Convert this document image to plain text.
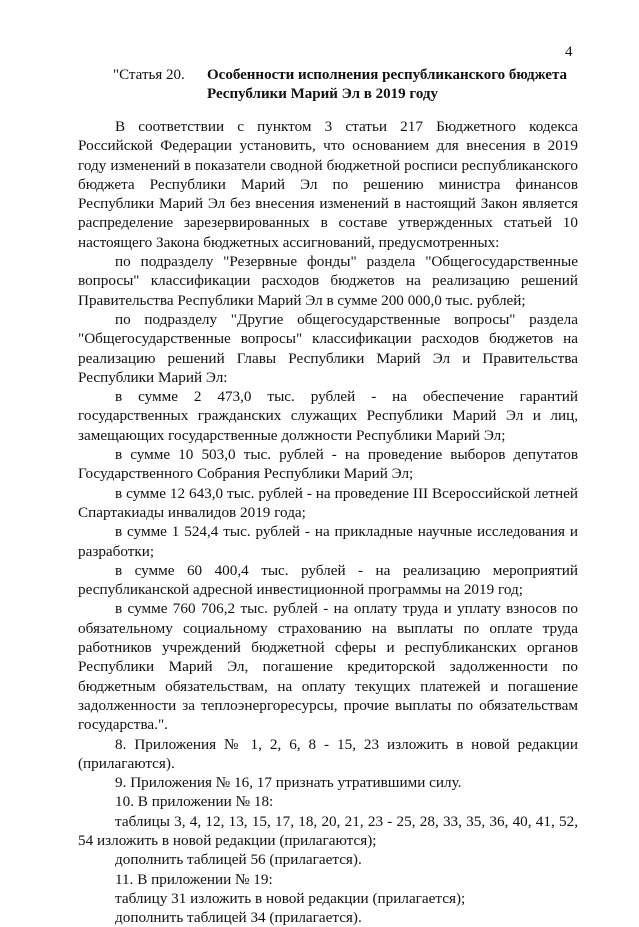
4
"Статья 20. Особенности исполнения республиканского бюджета Республики Марий Эл в 2019 году

В соответствии с пунктом 3 статьи 217 Бюджетного кодекса Российской Федерации установить, что основанием для внесения в 2019 году изменений в показатели сводной бюджетной росписи республиканского бюджета Республики Марий Эл по решению министра финансов Республики Марий Эл без внесения изменений в настоящий Закон является распределение зарезервированных в составе утвержденных статьей 10 настоящего Закона бюджетных ассигнований, предусмотренных:

по подразделу "Резервные фонды" раздела "Общегосударственные вопросы" классификации расходов бюджетов на реализацию решений Правительства Республики Марий Эл в сумме 200 000,0 тыс. рублей;

по подразделу "Другие общегосударственные вопросы" раздела "Общегосударственные вопросы" классификации расходов бюджетов на реализацию решений Главы Республики Марий Эл и Правительства Республики Марий Эл:

в сумме 2 473,0 тыс. рублей - на обеспечение гарантий государственных гражданских служащих Республики Марий Эл и лиц, замещающих государственные должности Республики Марий Эл;

в сумме 10 503,0 тыс. рублей - на проведение выборов депутатов Государственного Собрания Республики Марий Эл;

в сумме 12 643,0 тыс. рублей - на проведение III Всероссийской летней Спартакиады инвалидов 2019 года;

в сумме 1 524,4 тыс. рублей - на прикладные научные исследования и разработки;

в сумме 60 400,4 тыс. рублей - на реализацию мероприятий республиканской адресной инвестиционной программы на 2019 год;

в сумме 760 706,2 тыс. рублей - на оплату труда и уплату взносов по обязательному социальному страхованию на выплаты по оплате труда работников учреждений бюджетной сферы и республиканских органов Республики Марий Эл, погашение кредиторской задолженности по бюджетным обязательствам, на оплату текущих платежей и погашение задолженности за теплоэнергоресурсы, прочие выплаты по обязательствам государства.".

8. Приложения № 1, 2, 6, 8 - 15, 23 изложить в новой редакции (прилагаются).

9. Приложения № 16, 17 признать утратившими силу.

10. В приложении № 18:

таблицы 3, 4, 12, 13, 15, 17, 18, 20, 21, 23 - 25, 28, 33, 35, 36, 40, 41, 52, 54 изложить в новой редакции (прилагаются);

дополнить таблицей 56 (прилагается).

11. В приложении № 19:

таблицу 31 изложить в новой редакции (прилагается);

дополнить таблицей 34 (прилагается).
